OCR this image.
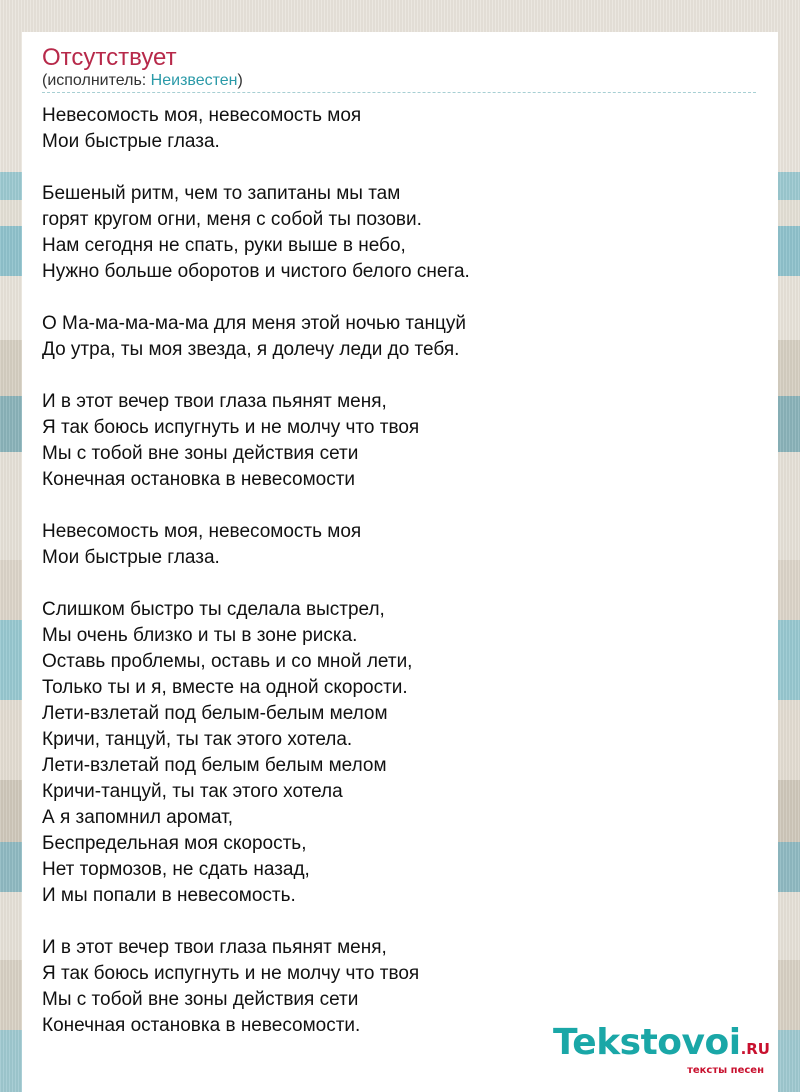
Отсутствует
(исполнитель: Неизвестен)
Невесомость моя, невесомость моя
Мои быстрые глаза.
Бешеный ритм, чем то запитаны мы там
горят кругом огни, меня с собой ты позови.
Нам сегодня не спать, руки выше в небо,
Нужно больше оборотов и чистого белого снега.
О Ма-ма-ма-ма-ма для меня этой ночью танцуй
До утра, ты моя звезда, я долечу леди до тебя.
И в этот вечер твои глаза пьянят меня,
Я так боюсь испугнуть и не молчу что твоя
Мы с тобой вне зоны действия сети
Конечная остановка в невесомости
Невесомость моя, невесомость моя
Мои быстрые глаза.
Слишком быстро ты сделала выстрел,
Мы очень близко и ты в зоне риска.
Оставь проблемы, оставь и со мной лети,
Только ты и я, вместе на одной скорости.
Лети-взлетай под белым-белым мелом
Кричи, танцуй, ты так этого хотела.
Лети-взлетай под белым белым мелом
Кричи-танцуй, ты так этого хотела
А я запомнил аромат,
Беспредельная моя скорость,
Нет тормозов, не сдать назад,
И мы попали в невесомость.
И в этот вечер твои глаза пьянят меня,
Я так боюсь испугнуть и не молчу что твоя
Мы с тобой вне зоны действия сети
Конечная остановка в невесомости.	Tekstovoi.RU
тексты песен
